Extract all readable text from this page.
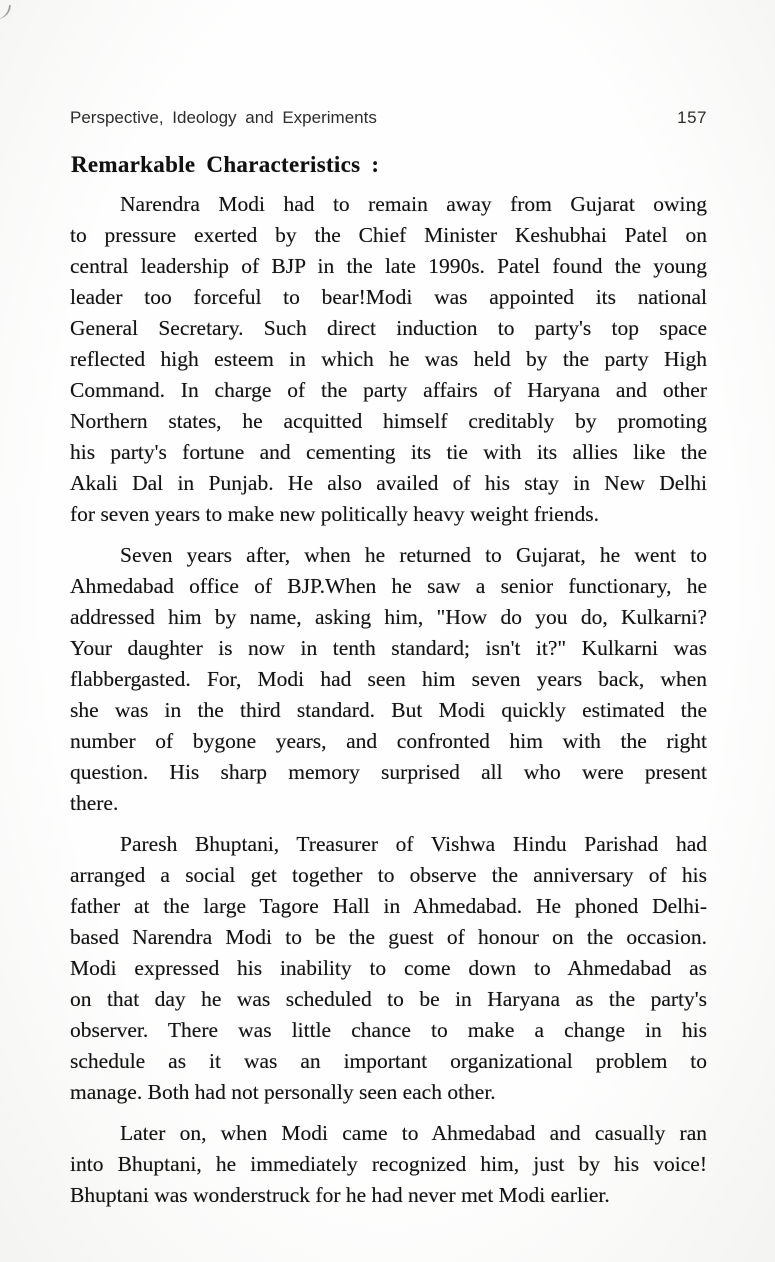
Perspective, Ideology and Experiments	157
Remarkable Characteristics :
Narendra Modi had to remain away from Gujarat owing
to pressure exerted by the Chief Minister Keshubhai Patel on
central leadership of BJP in the late 1990s. Patel found the young
leader too forceful to bear!Modi was appointed its national
General Secretary. Such direct induction to party's top space
reflected high esteem in which he was held by the party High
Command. In charge of the party affairs of Haryana and other
Northern states, he acquitted himself creditably by promoting
his party's fortune and cementing its tie with its allies like the
Akali Dal in Punjab. He also availed of his stay in New Delhi
for seven years to make new politically heavy weight friends.
Seven years after, when he returned to Gujarat, he went to
Ahmedabad office of BJP.When he saw a senior functionary, he
addressed him by name, asking him, "How do you do, Kulkarni?
Your daughter is now in tenth standard; isn't it?" Kulkarni was
flabbergasted. For, Modi had seen him seven years back, when
she was in the third standard. But Modi quickly estimated the
number of bygone years, and confronted him with the right
question. His sharp memory surprised all who were present
there.
Paresh Bhuptani, Treasurer of Vishwa Hindu Parishad had
arranged a social get together to observe the anniversary of his
father at the large Tagore Hall in Ahmedabad. He phoned Delhi-
based Narendra Modi to be the guest of honour on the occasion.
Modi expressed his inability to come down to Ahmedabad as
on that day he was scheduled to be in Haryana as the party's
observer. There was little chance to make a change in his
schedule as it was an important organizational problem to
manage. Both had not personally seen each other.
Later on, when Modi came to Ahmedabad and casually ran
into Bhuptani, he immediately recognized him, just by his voice!
Bhuptani was wonderstruck for he had never met Modi earlier.
